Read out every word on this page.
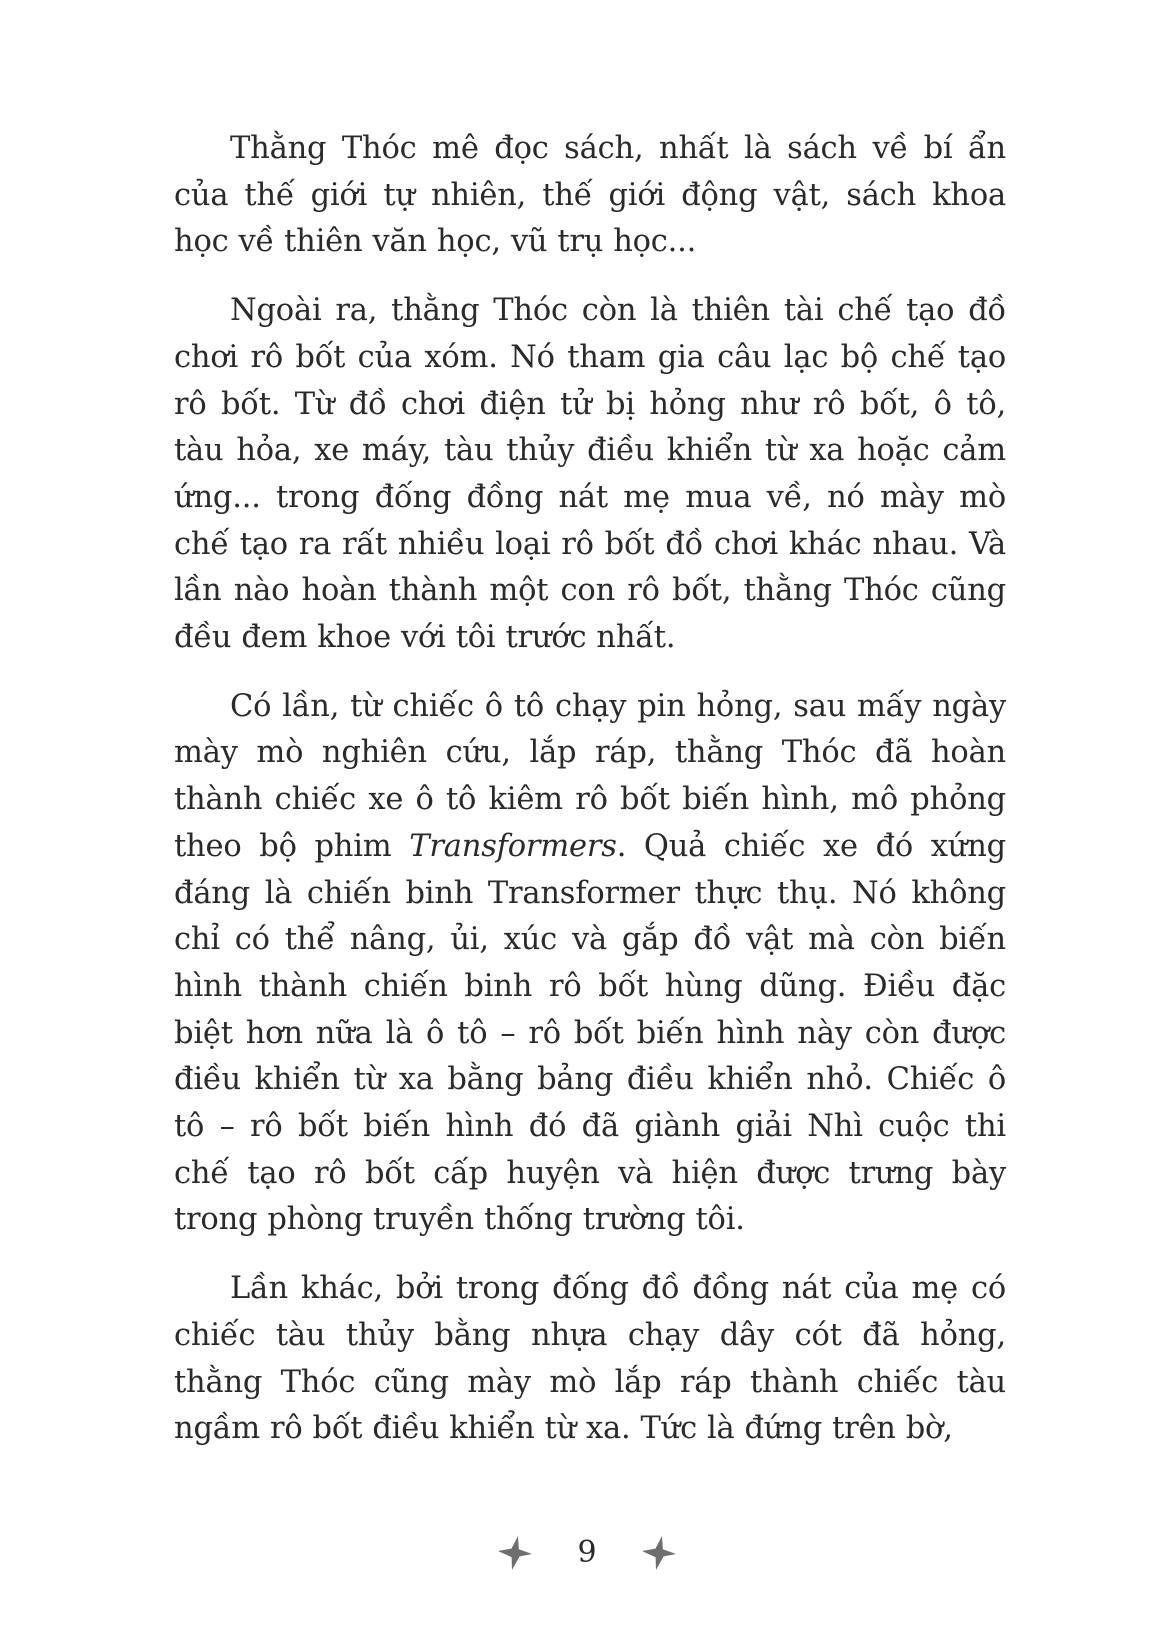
Thằng Thóc mê đọc sách, nhất là sách về bí ẩn của thế giới tự nhiên, thế giới động vật, sách khoa học về thiên văn học, vũ trụ học...

Ngoài ra, thằng Thóc còn là thiên tài chế tạo đồ chơi rô bốt của xóm. Nó tham gia câu lạc bộ chế tạo rô bốt. Từ đồ chơi điện tử bị hỏng như rô bốt, ô tô, tàu hỏa, xe máy, tàu thủy điều khiển từ xa hoặc cảm ứng... trong đống đồng nát mẹ mua về, nó mày mò chế tạo ra rất nhiều loại rô bốt đồ chơi khác nhau. Và lần nào hoàn thành một con rô bốt, thằng Thóc cũng đều đem khoe với tôi trước nhất.

Có lần, từ chiếc ô tô chạy pin hỏng, sau mấy ngày mày mò nghiên cứu, lắp ráp, thằng Thóc đã hoàn thành chiếc xe ô tô kiêm rô bốt biến hình, mô phỏng theo bộ phim Transformers. Quả chiếc xe đó xứng đáng là chiến binh Transformer thực thụ. Nó không chỉ có thể nâng, ủi, xúc và gắp đồ vật mà còn biến hình thành chiến binh rô bốt hùng dũng. Điều đặc biệt hơn nữa là ô tô – rô bốt biến hình này còn được điều khiển từ xa bằng bảng điều khiển nhỏ. Chiếc ô tô – rô bốt biến hình đó đã giành giải Nhì cuộc thi chế tạo rô bốt cấp huyện và hiện được trưng bày trong phòng truyền thống trường tôi.

Lần khác, bởi trong đống đồ đồng nát của mẹ có chiếc tàu thủy bằng nhựa chạy dây cót đã hỏng, thằng Thóc cũng mày mò lắp ráp thành chiếc tàu ngầm rô bốt điều khiển từ xa. Tức là đứng trên bờ,

9
